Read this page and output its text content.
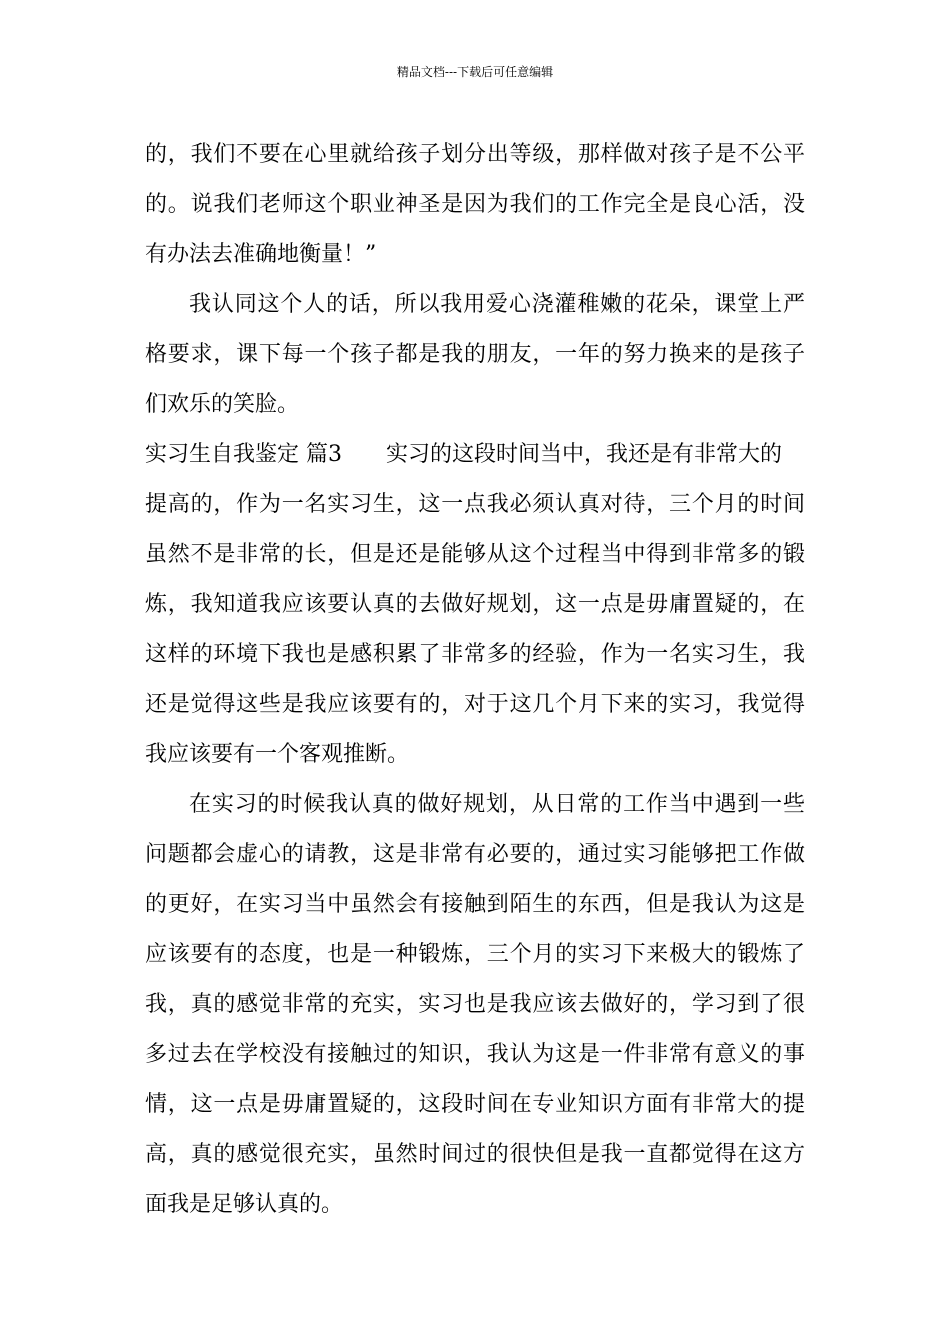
精品文档---下载后可任意编辑
的，我们不要在心里就给孩子划分出等级，那样做对孩子是不公平
的。说我们老师这个职业神圣是因为我们的工作完全是良心活，没
有办法去准确地衡量！”
我认同这个人的话，所以我用爱心浇灌稚嫩的花朵，课堂上严
格要求，课下每一个孩子都是我的朋友，一年的努力换来的是孩子
们欢乐的笑脸。
实习生自我鉴定 篇3 实习的这段时间当中，我还是有非常大的
提高的，作为一名实习生，这一点我必须认真对待，三个月的时间
虽然不是非常的长，但是还是能够从这个过程当中得到非常多的锻
炼，我知道我应该要认真的去做好规划，这一点是毋庸置疑的，在
这样的环境下我也是感积累了非常多的经验，作为一名实习生，我
还是觉得这些是我应该要有的，对于这几个月下来的实习，我觉得
我应该要有一个客观推断。
在实习的时候我认真的做好规划，从日常的工作当中遇到一些
问题都会虚心的请教，这是非常有必要的，通过实习能够把工作做
的更好，在实习当中虽然会有接触到陌生的东西，但是我认为这是
应该要有的态度，也是一种锻炼，三个月的实习下来极大的锻炼了
我，真的感觉非常的充实，实习也是我应该去做好的，学习到了很
多过去在学校没有接触过的知识，我认为这是一件非常有意义的事
情，这一点是毋庸置疑的，这段时间在专业知识方面有非常大的提
高，真的感觉很充实，虽然时间过的很快但是我一直都觉得在这方
面我是足够认真的。
